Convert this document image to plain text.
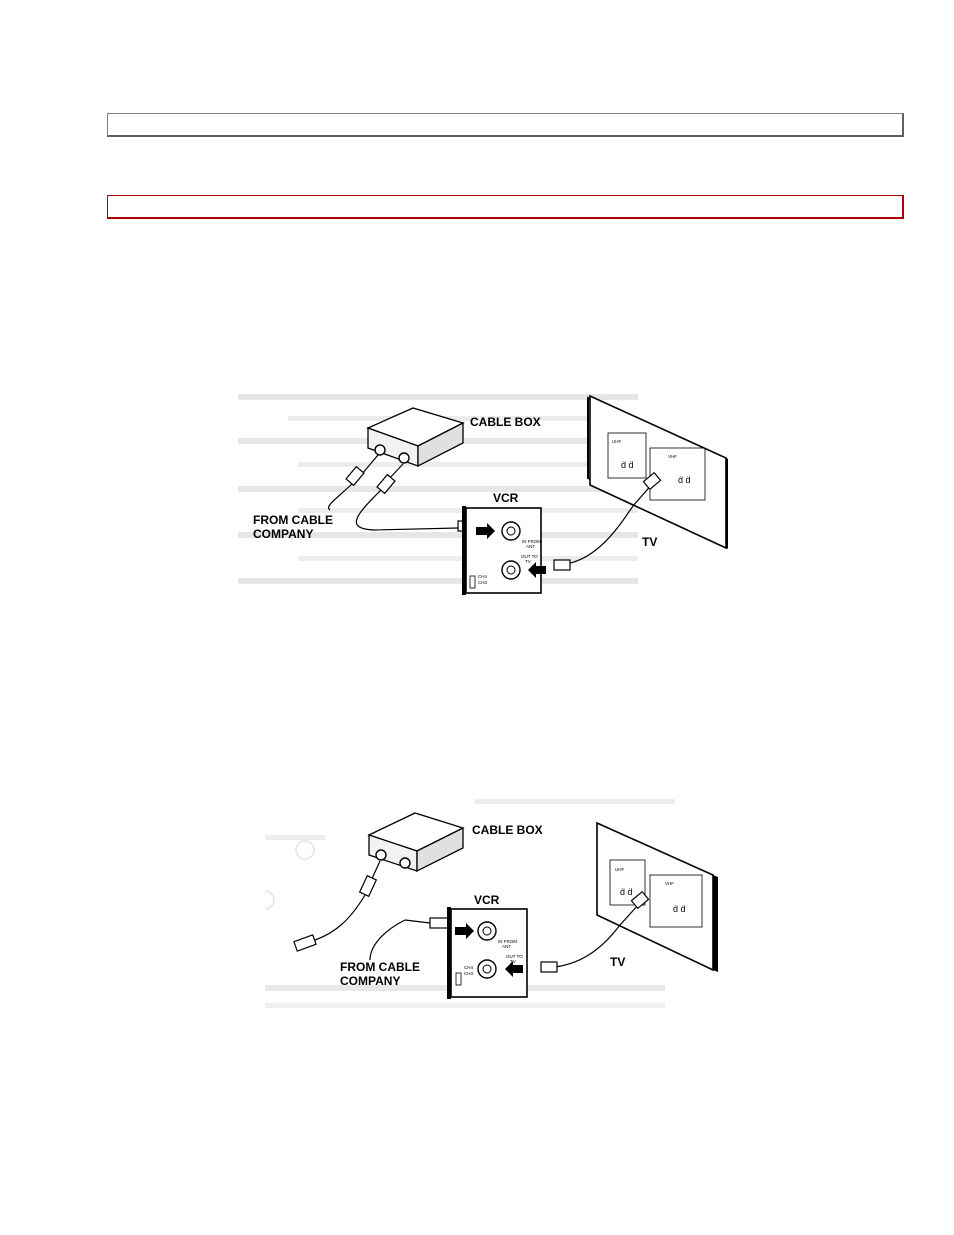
UHF
ḋ ḋ
VHF
ḋ ḋ
CABLE BOX
FROM CABLE
COMPANY
IN FROM
ANT
OUT TO
TV
CH4
CH3
VCR
TV
UHF
ḋ ḋ
VHF
ḋ ḋ
CABLE BOX
FROM CABLE
COMPANY
IN FROM
ANT
OUT TO
TV
CH4
CH3
VCR
TV
